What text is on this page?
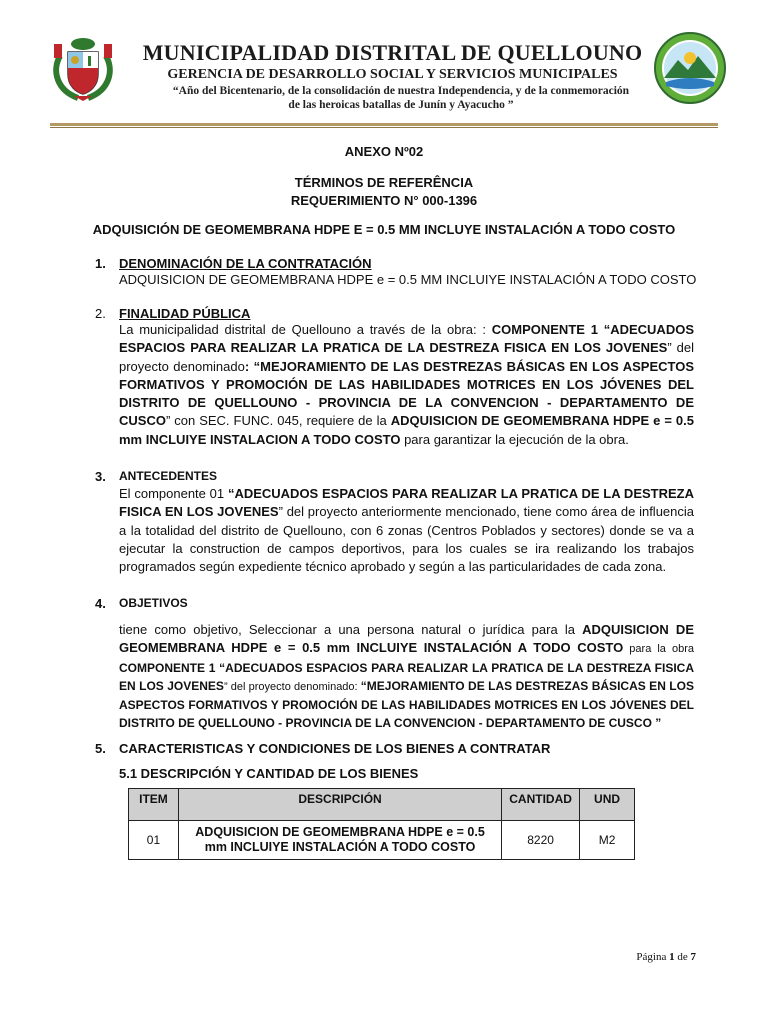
MUNICIPALIDAD DISTRITAL DE QUELLOUNO
GERENCIA DE DESARROLLO SOCIAL Y SERVICIOS MUNICIPALES
“Año del Bicentenario, de la consolidación de nuestra Independencia, y de la conmemoración
de las heroicas batallas de Junín y Ayacucho ”
ANEXO Nº02
TÉRMINOS DE REFERÊNCIA
REQUERIMIENTO N° 000-1396
ADQUISICIÓN DE GEOMEMBRANA HDPE E = 0.5 MM INCLUYE INSTALACIÓN A TODO COSTO
1. DENOMINACIÓN DE LA CONTRATACIÓN
ADQUISICION DE GEOMEMBRANA HDPE e = 0.5 MM INCLUIYE INSTALACIÓN A TODO COSTO
2. FINALIDAD PÚBLICA
La municipalidad distrital de Quellouno a través de la obra: : COMPONENTE 1 “ADECUADOS ESPACIOS PARA REALIZAR LA PRATICA DE LA DESTREZA FISICA EN LOS JOVENES” del proyecto denominado: “MEJORAMIENTO DE LAS DESTREZAS BÁSICAS EN LOS ASPECTOS FORMATIVOS Y PROMOCIÓN DE LAS HABILIDADES MOTRICES EN LOS JÓVENES DEL DISTRITO DE QUELLOUNO - PROVINCIA DE LA CONVENCION - DEPARTAMENTO DE CUSCO” con SEC. FUNC. 045, requiere de la ADQUISICION DE GEOMEMBRANA HDPE e = 0.5 mm INCLUIYE INSTALACION A TODO COSTO para garantizar la ejecución de la obra.
3. ANTECEDENTES
El componente 01 “ADECUADOS ESPACIOS PARA REALIZAR LA PRATICA DE LA DESTREZA FISICA EN LOS JOVENES” del proyecto anteriormente mencionado, tiene como área de influencia a la totalidad del distrito de Quellouno, con 6 zonas (Centros Poblados y sectores) donde se va a ejecutar la construction de campos deportivos, para los cuales se ira realizando los trabajos programados según expediente técnico aprobado y según a las particularidades de cada zona.
4. OBJETIVOS
tiene como objetivo, Seleccionar a una persona natural o jurídica para la ADQUISICION DE GEOMEMBRANA HDPE e = 0.5 mm INCLUIYE INSTALACIÓN A TODO COSTO para la obra COMPONENTE 1 “ADECUADOS ESPACIOS PARA REALIZAR LA PRATICA DE LA DESTREZA FISICA EN LOS JOVENES” del proyecto denominado: “MEJORAMIENTO DE LAS DESTREZAS BÁSICAS EN LOS ASPECTOS FORMATIVOS Y PROMOCIÓN DE LAS HABILIDADES MOTRICES EN LOS JÓVENES DEL DISTRITO DE QUELLOUNO - PROVINCIA DE LA CONVENCION - DEPARTAMENTO DE CUSCO ”
5. CARACTERISTICAS Y CONDICIONES DE LOS BIENES A CONTRATAR
5.1 DESCRIPCIÓN Y CANTIDAD DE LOS BIENES
ITEM	DESCRIPCIÓN	CANTIDAD	UND
01	ADQUISICION DE GEOMEMBRANA HDPE e = 0.5 mm INCLUIYE INSTALACIÓN A TODO COSTO	8220	M2
Página 1 de 7
